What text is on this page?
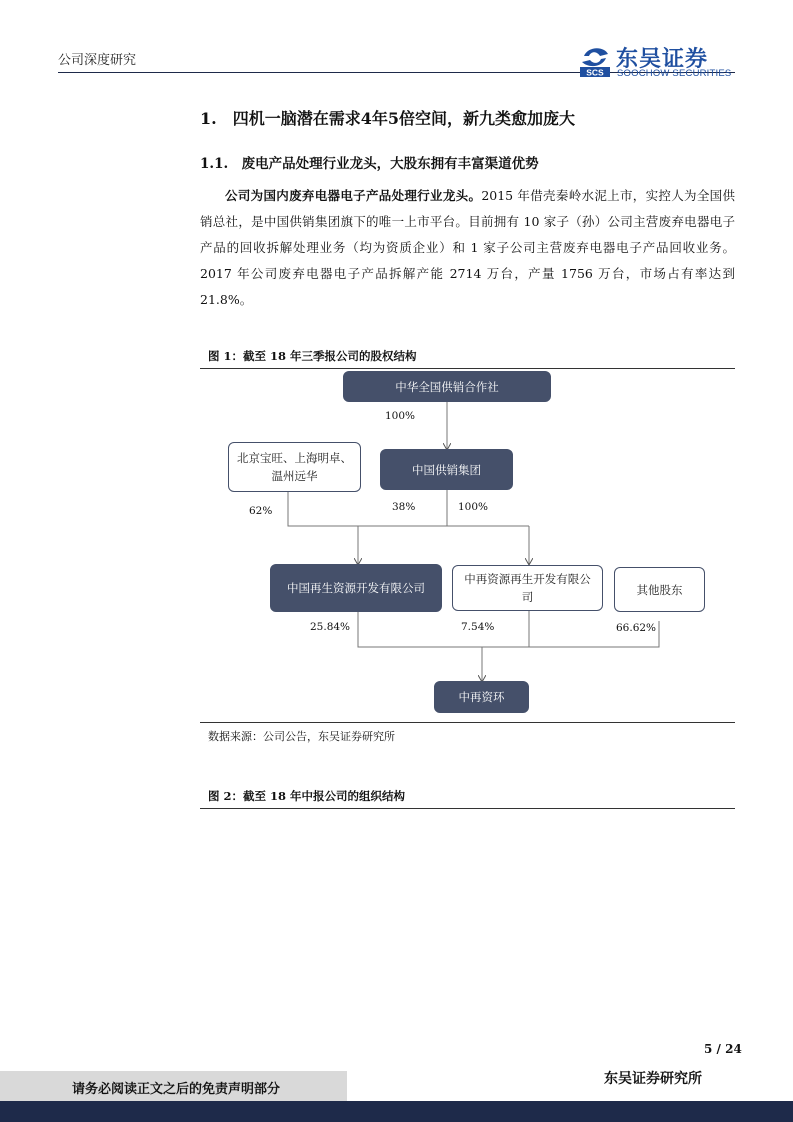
公司深度研究
SCS
东吴证券
SOOCHOW SECURITIES
1.　四机一脑潜在需求4年5倍空间，新九类愈加庞大
1.1.　废电产品处理行业龙头，大股东拥有丰富渠道优势

公司为国内废弃电器电子产品处理行业龙头。2015 年借壳秦岭水泥上市，实控人为全国供销总社，是中国供销集团旗下的唯一上市平台。目前拥有 10 家子（孙）公司主营废弃电器电子产品的回收拆解处理业务（均为资质企业）和 1 家子公司主营废弃电器电子产品回收业务。2017 年公司废弃电器电子产品拆解产能 2714 万台，产量 1756 万台，市场占有率达到 21.8%。

图 1：截至 18 年三季报公司的股权结构
中华全国供销合作社
北京宝旺、上海明卓、温州远华	中国供销集团
中国再生资源开发有限公司
中再资源再生开发有限公司
其他股东
中再资环
100%
62%	38%	100%
25.84%	7.54%	66.62%
数据来源：公司公告，东吴证券研究所
图 2：截至 18 年中报公司的组织结构
5 / 24
请务必阅读正文之后的免责声明部分
东吴证券研究所
